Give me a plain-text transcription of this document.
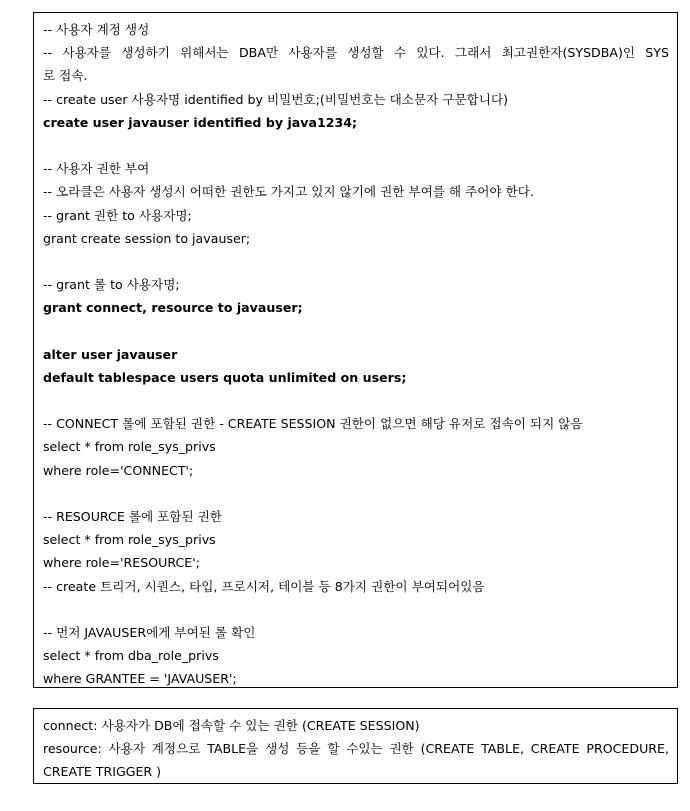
-- 사용자 계정 생성
-- 사용자를 생성하기 위해서는 DBA만 사용자를 생성할 수 있다. 그래서 최고권한자(SYSDBA)인 SYS
로 접속.
-- create user 사용자명 identified by 비밀번호;(비밀번호는 대소문자 구문합니다)
create user javauser identified by java1234;
-- 사용자 권한 부여
-- 오라클은 사용자 생성시 어떠한 권한도 가지고 있지 않기에 권한 부여를 해 주어야 한다.
-- grant 권한 to 사용자명;
grant create session to javauser;
-- grant 롤 to 사용자명;
grant connect, resource to javauser;
alter user javauser
default tablespace users quota unlimited on users;
-- CONNECT 롤에 포함된 권한 - CREATE SESSION 권한이 없으면 해당 유저로 접속이 되지 않음
select * from role_sys_privs
where role='CONNECT';
-- RESOURCE 롤에 포함된 권한
select * from role_sys_privs
where role='RESOURCE';
-- create 트리거, 시퀀스, 타입, 프로시저, 테이블 등 8가지 권한이 부여되어있음
-- 먼저 JAVAUSER에게 부여된 롤 확인
select * from dba_role_privs
where GRANTEE = 'JAVAUSER';
connect: 사용자가 DB에 접속할 수 있는 권한 (CREATE SESSION)
resource: 사용자 계정으로 TABLE을 생성 등을 할 수있는 권한 (CREATE TABLE, CREATE PROCEDURE,
CREATE TRIGGER )
